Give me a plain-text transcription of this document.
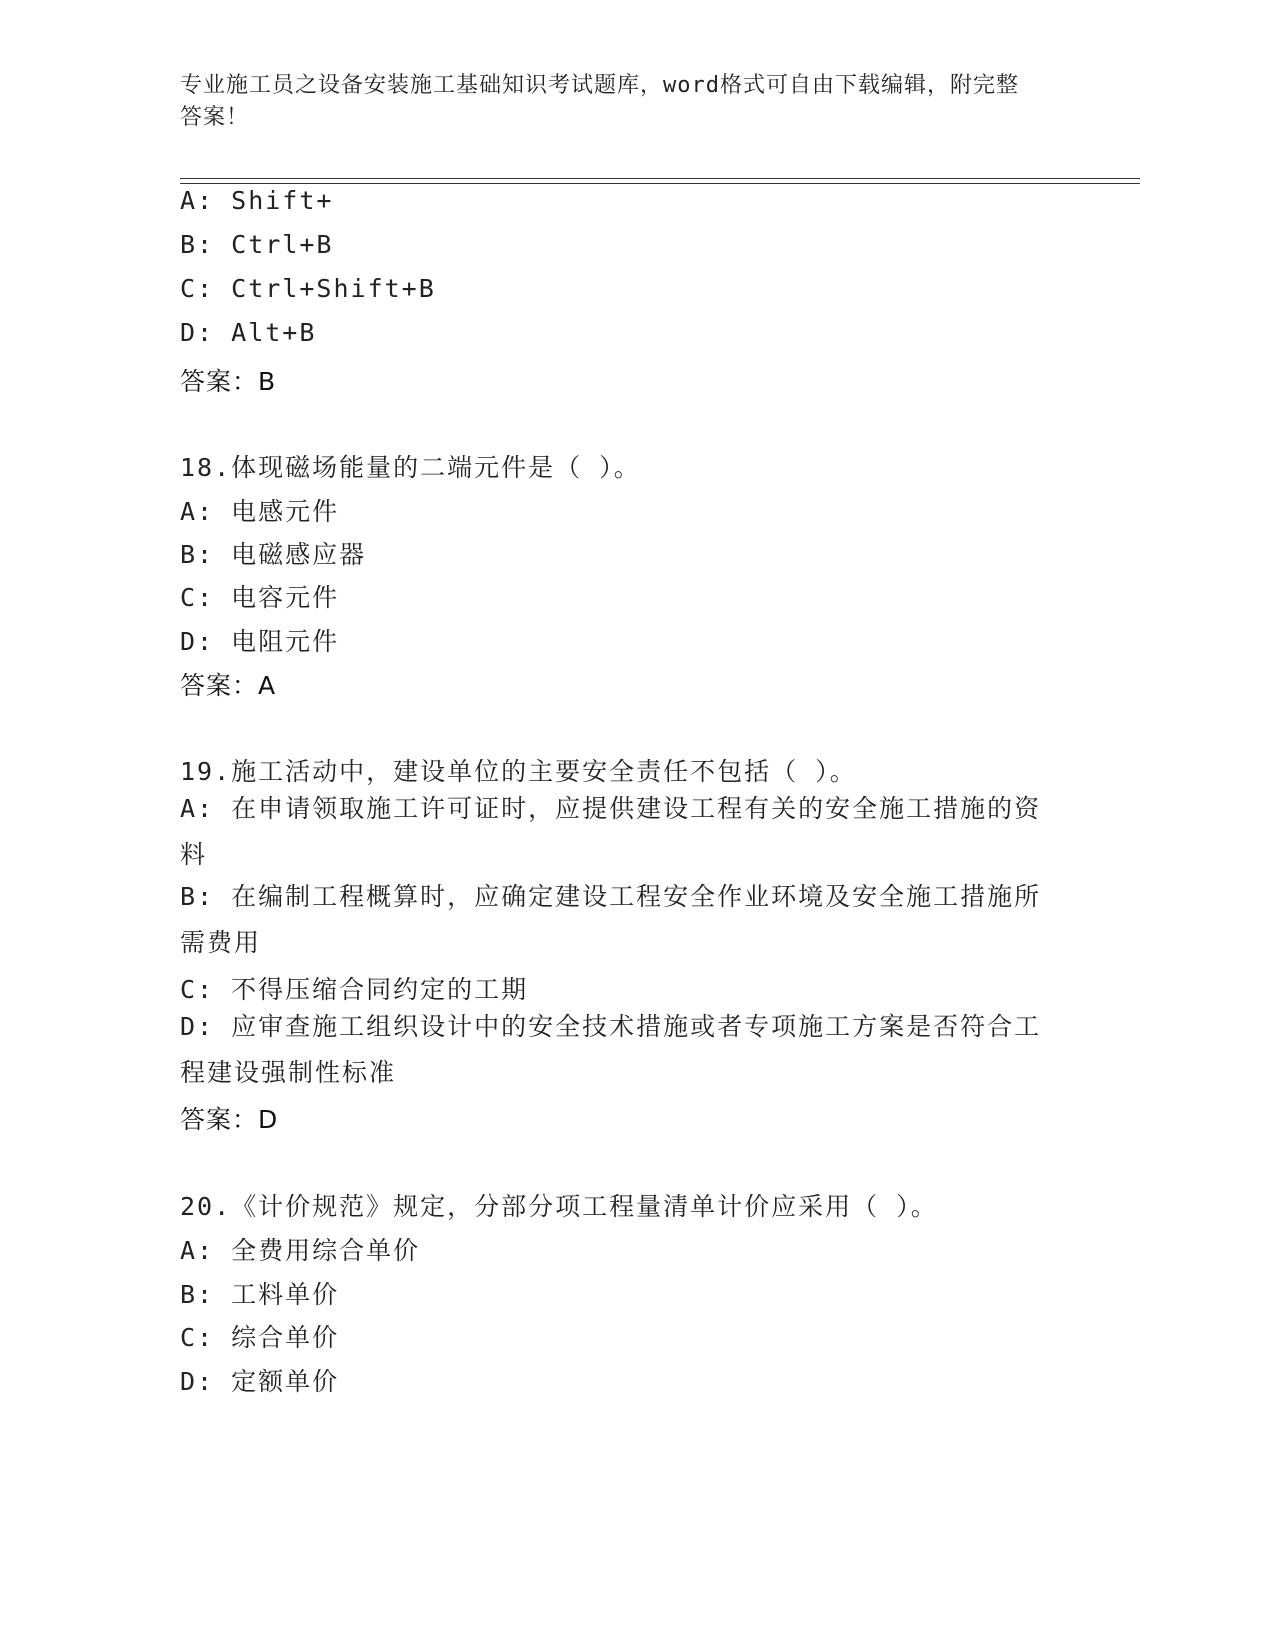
专业施工员之设备安装施工基础知识考试题库，word格式可自由下载编辑，附完整答案！
A: Shift+
B: Ctrl+B
C: Ctrl+Shift+B
D: Alt+B
答案：B
18.体现磁场能量的二端元件是（ ）。
A: 电感元件
B: 电磁感应器
C: 电容元件
D: 电阻元件
答案：A
19.施工活动中，建设单位的主要安全责任不包括（ ）。
A: 在申请领取施工许可证时，应提供建设工程有关的安全施工措施的资料
B: 在编制工程概算时，应确定建设工程安全作业环境及安全施工措施所需费用
C: 不得压缩合同约定的工期
D: 应审查施工组织设计中的安全技术措施或者专项施工方案是否符合工程建设强制性标准
答案：D
20.《计价规范》规定，分部分项工程量清单计价应采用（ ）。
A: 全费用综合单价
B: 工料单价
C: 综合单价
D: 定额单价
